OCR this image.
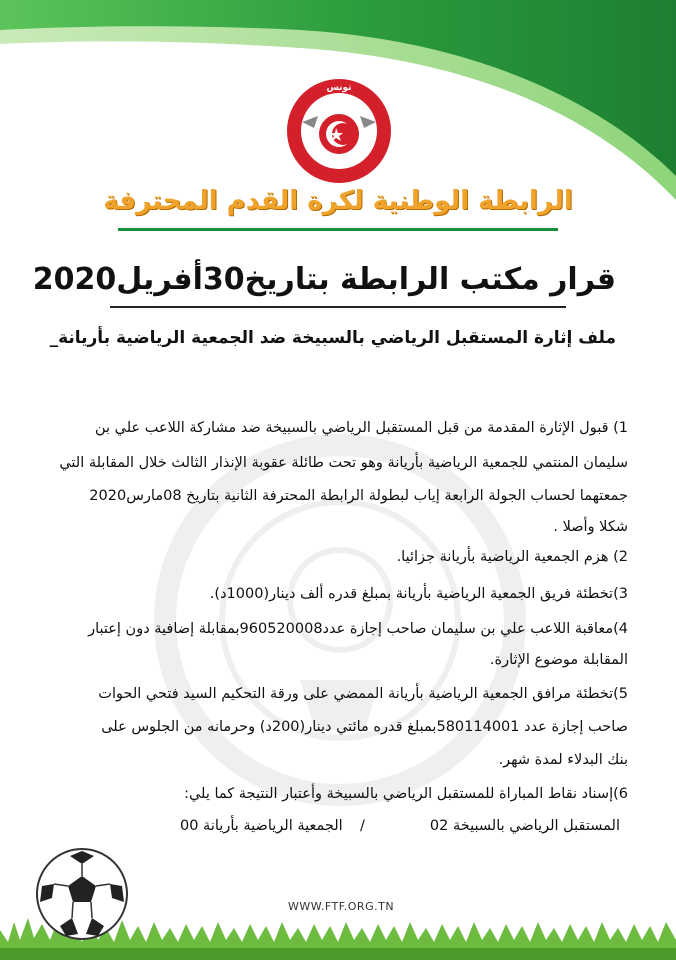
تونس
الرابطة الوطنية لكرة القدم المحترفة
قرار مكتب الرابطة بتاريخ30أفريل2020
ملف إثارة المستقبل الرياضي بالسبيخة ضد الجمعية الرياضية بأريانة_
1) قبول الإثارة المقدمة من قبل المستقبل الرياضي بالسبيخة ضد مشاركة اللاعب علي بن
سليمان المنتمي للجمعية الرياضية بأريانة وهو تحت طائلة عقوبة الإنذار الثالث خلال المقابلة التي
جمعتهما لحساب الجولة الرابعة إياب لبطولة الرابطة المحترفة الثانية بتاريخ 08مارس2020
شكلا وأصلا .
2) هزم الجمعية الرياضية بأريانة جزائيا.
3)تخطئة فريق الجمعية الرياضية بأريانة بمبلغ قدره ألف دينار(1000د).
4)معاقبة اللاعب علي بن سليمان صاحب إجازة عدد960520008بمقابلة إضافية دون إعتبار
المقابلة موضوع الإثارة.
5)تخطئة مرافق الجمعية الرياضية بأريانة الممضي على ورقة التحكيم السيد فتحي الحوات
صاحب إجازة عدد 580114001بمبلغ قدره مائتي دينار(200د) وحرمانه من الجلوس على
بنك البدلاء لمدة شهر.
6)إسناد نقاط المباراة للمستقبل الرياضي بالسبيخة وأعتبار النتيجة كما يلي:
المستقبل الرياضي بالسبيخة 02
/
الجمعية الرياضية بأريانة 00
WWW.FTF.ORG.TN
